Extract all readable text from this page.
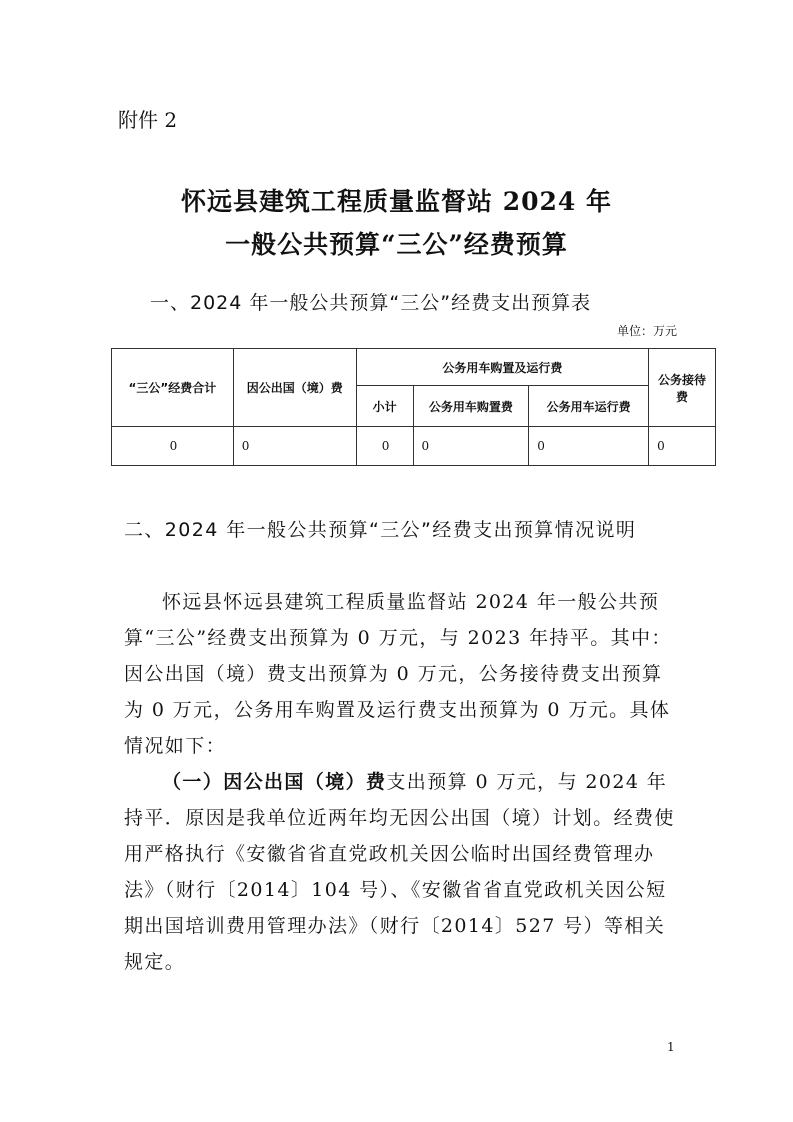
附件 2
怀远县建筑工程质量监督站 2024 年
一般公共预算“三公”经费预算
一、2024 年一般公共预算“三公”经费支出预算表
单位：万元
“三公”经费合计	因公出国（境）费	公务用车购置及运行费			公务接待费
		小计	公务用车购置费	公务用车运行费	
0	0	0	0	0	0
二、2024 年一般公共预算“三公”经费支出预算情况说明
怀远县怀远县建筑工程质量监督站 2024 年一般公共预算“三公”经费支出预算为 0 万元，与 2023 年持平。其中：因公出国（境）费支出预算为 0 万元，公务接待费支出预算为 0 万元，公务用车购置及运行费支出预算为 0 万元。具体情况如下：
（一）因公出国（境）费支出预算 0 万元，与 2024 年持平．原因是我单位近两年均无因公出国（境）计划。经费使用严格执行《安徽省省直党政机关因公临时出国经费管理办法》（财行〔2014〕104 号）、《安徽省省直党政机关因公短期出国培训费用管理办法》（财行〔2014〕527 号）等相关规定。
1
